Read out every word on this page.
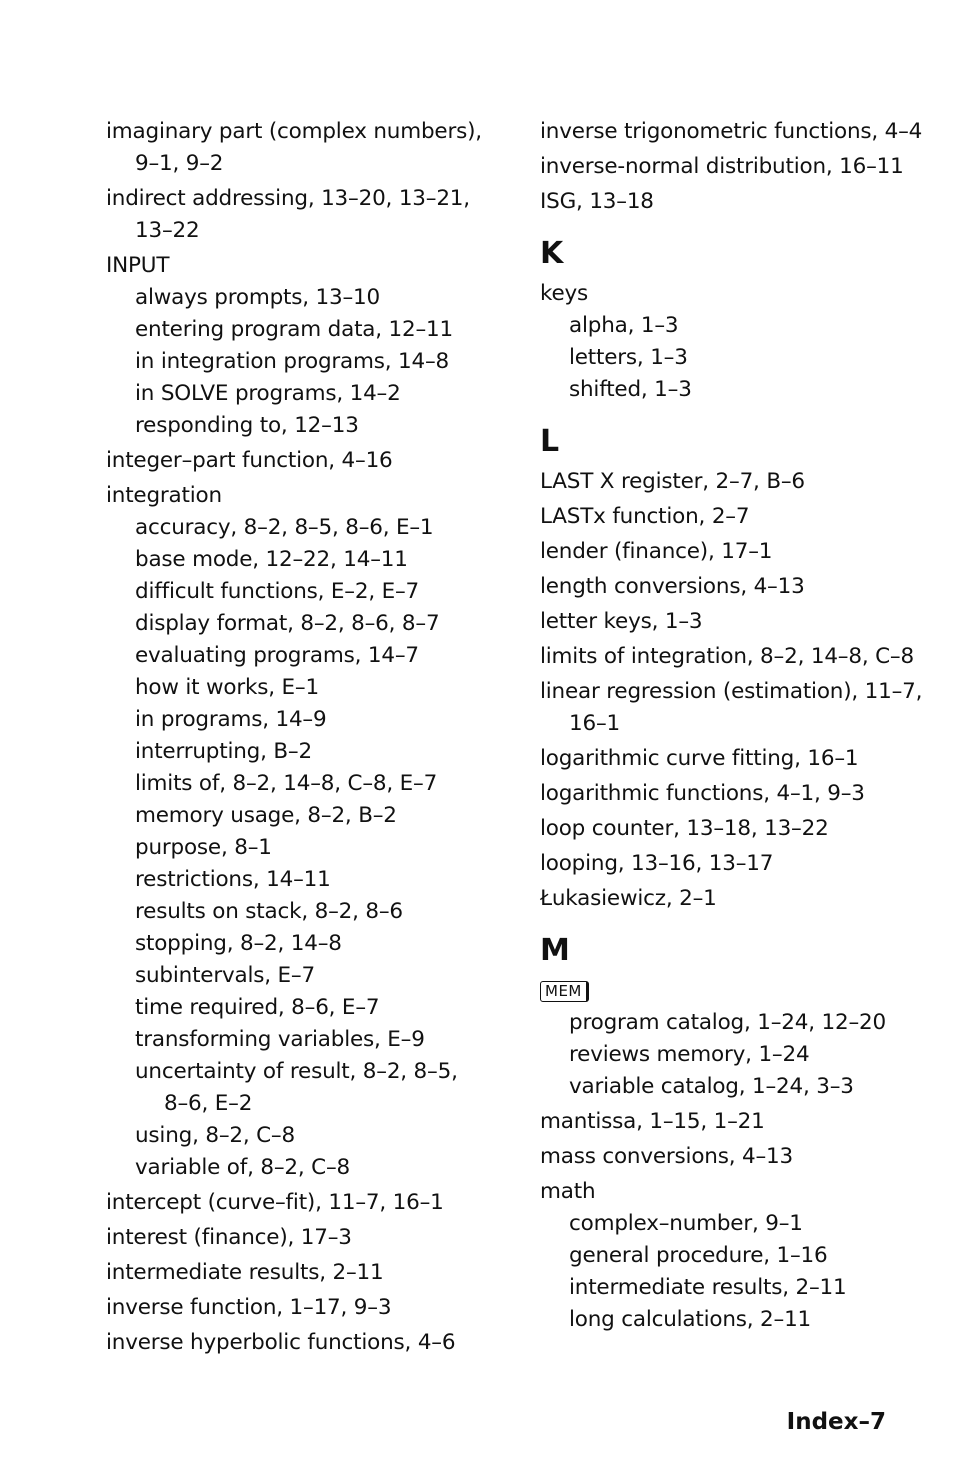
imaginary part (complex numbers),
9–1, 9–2
indirect addressing, 13–20, 13–21,
13–22
INPUT
always prompts, 13–10
entering program data, 12–11
in integration programs, 14–8
in SOLVE programs, 14–2
responding to, 12–13
integer–part function, 4–16
integration
accuracy, 8–2, 8–5, 8–6, E–1
base mode, 12–22, 14–11
difficult functions, E–2, E–7
display format, 8–2, 8–6, 8–7
evaluating programs, 14–7
how it works, E–1
in programs, 14–9
interrupting, B–2
limits of, 8–2, 14–8, C–8, E–7
memory usage, 8–2, B–2
purpose, 8–1
restrictions, 14–11
results on stack, 8–2, 8–6
stopping, 8–2, 14–8
subintervals, E–7
time required, 8–6, E–7
transforming variables, E–9
uncertainty of result, 8–2, 8–5,
8–6, E–2
using, 8–2, C–8
variable of, 8–2, C–8
intercept (curve–fit), 11–7, 16–1
interest (finance), 17–3
intermediate results, 2–11
inverse function, 1–17, 9–3
inverse hyperbolic functions, 4–6
inverse trigonometric functions, 4–4
inverse-normal distribution, 16–11
ISG, 13–18
K
keys
alpha, 1–3
letters, 1–3
shifted, 1–3
L
LAST X register, 2–7, B–6
LASTx function, 2–7
lender (finance), 17–1
length conversions, 4–13
letter keys, 1–3
limits of integration, 8–2, 14–8, C–8
linear regression (estimation), 11–7,
16–1
logarithmic curve fitting, 16–1
logarithmic functions, 4–1, 9–3
loop counter, 13–18, 13–22
looping, 13–16, 13–17
Łukasiewicz, 2–1
M
MEM
program catalog, 1–24, 12–20
reviews memory, 1–24
variable catalog, 1–24, 3–3
mantissa, 1–15, 1–21
mass conversions, 4–13
math
complex–number, 9–1
general procedure, 1–16
intermediate results, 2–11
long calculations, 2–11
Index–7
